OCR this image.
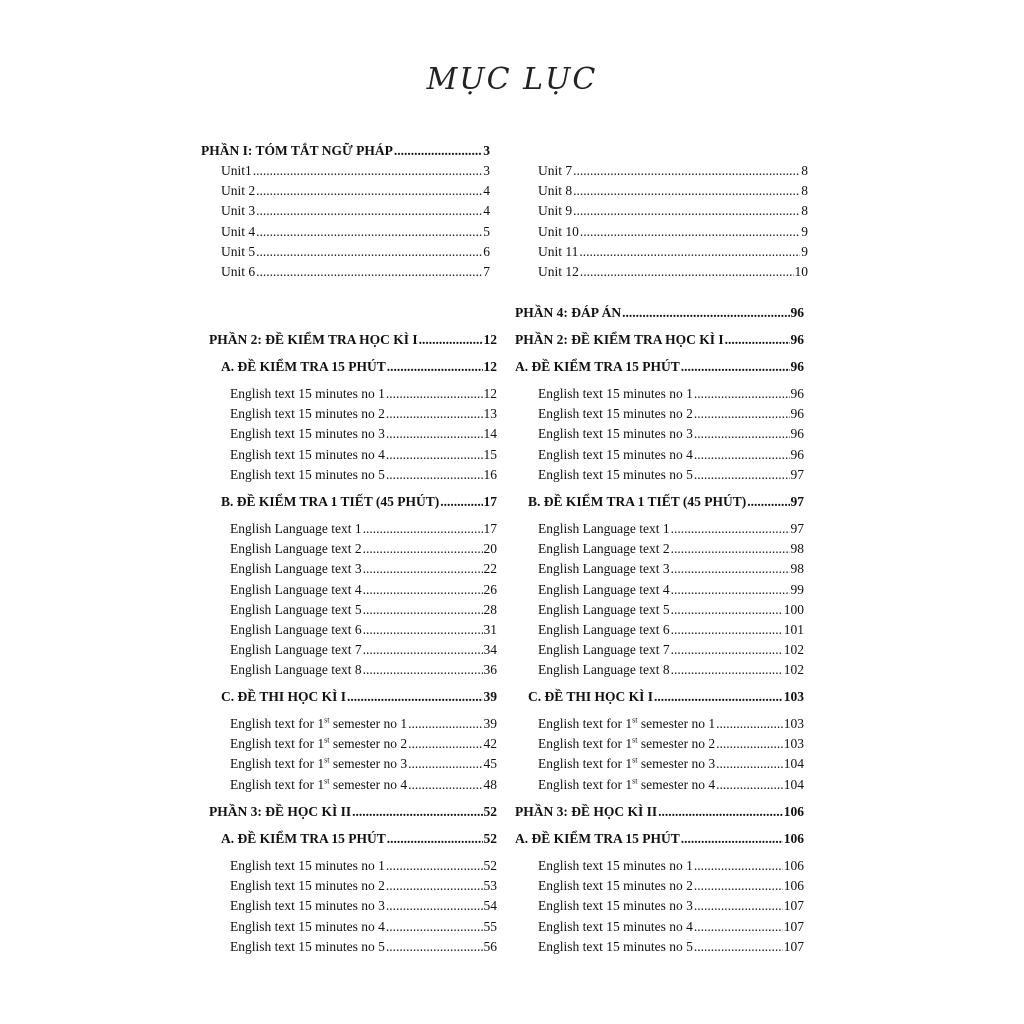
MỤC LỤC
PHẦN I: TÓM TẮT NGỮ PHÁP .....	3
Unit1 .....	3
Unit 2 .....	4
Unit 3 .....	4
Unit 4 .....	5
Unit 5 .....	6
Unit 6 .....	7
PHẦN 2: ĐỀ KIỂM TRA HỌC KÌ I .....	12
A. ĐỀ KIỂM TRA 15 PHÚT .....	12
English text 15 minutes no 1 .....	12
English text 15 minutes no 2 .....	13
English text 15 minutes no 3 .....	14
English text 15 minutes no 4 .....	15
English text 15 minutes no 5 .....	16
B. ĐỀ KIỂM TRA 1 TIẾT (45 PHÚT) .....	17
English Language text 1 .....	17
English Language text 2 .....	20
English Language text 3 .....	22
English Language text 4 .....	26
English Language text 5 .....	28
English Language text 6 .....	31
English Language text 7 .....	34
English Language text 8 .....	36
C. ĐỀ THI HỌC KÌ I .....	39
English text for 1st semester no 1 .....	39
English text for 1st semester no 2 .....	42
English text for 1st semester no 3 .....	45
English text for 1st semester no 4 .....	48
PHẦN 3: ĐỀ HỌC KÌ II .....	52
A. ĐỀ KIỂM TRA 15 PHÚT .....	52
English text 15 minutes no 1 .....	52
English text 15 minutes no 2 .....	53
English text 15 minutes no 3 .....	54
English text 15 minutes no 4 .....	55
English text 15 minutes no 5 .....	56
Unit 7 .....	8
Unit 8 .....	8
Unit 9 .....	8
Unit 10 .....	9
Unit 11 .....	9
Unit 12 .....	10
PHẦN 4: ĐÁP ÁN .....	96
PHẦN 2: ĐỀ KIỂM TRA HỌC KÌ I .....	96
A. ĐỀ KIỂM TRA 15 PHÚT .....	96
English text 15 minutes no 1 .....	96
English text 15 minutes no 2 .....	96
English text 15 minutes no 3 .....	96
English text 15 minutes no 4 .....	96
English text 15 minutes no 5 .....	97
B. ĐỀ KIỂM TRA 1 TIẾT (45 PHÚT) .....	97
English Language text 1 .....	97
English Language text 2 .....	98
English Language text 3 .....	98
English Language text 4 .....	99
English Language text 5 .....	100
English Language text 6 .....	101
English Language text 7 .....	102
English Language text 8 .....	102
C. ĐỀ THI HỌC KÌ I .....	103
English text for 1st semester no 1 .....	103
English text for 1st semester no 2 .....	103
English text for 1st semester no 3 .....	104
English text for 1st semester no 4 .....	104
PHẦN 3: ĐỀ HỌC KÌ II .....	106
A. ĐỀ KIỂM TRA 15 PHÚT .....	106
English text 15 minutes no 1 .....	106
English text 15 minutes no 2 .....	106
English text 15 minutes no 3 .....	107
English text 15 minutes no 4 .....	107
English text 15 minutes no 5 .....	107
